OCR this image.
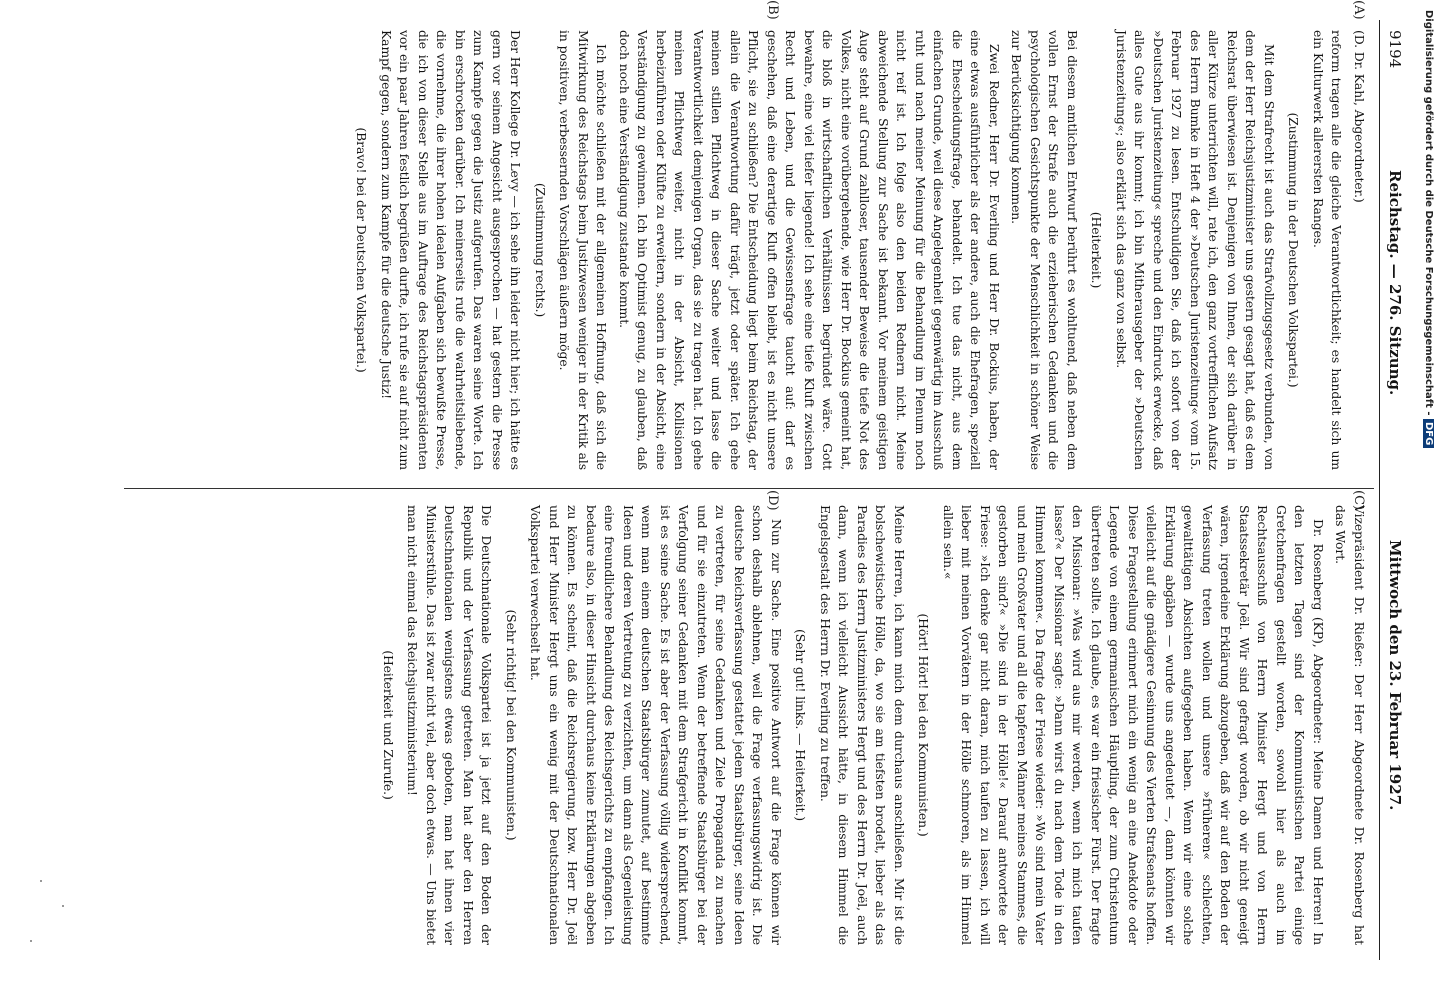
9194
Reichstag. — 276. Sitzung.
Mittwoch den 23. Februar 1927.

(D. Dr. Kahl, Abgeordneter.)

reform tragen alle die gleiche Verantwortlichkeit; es handelt sich um ein Kulturwerk allerersten Ranges.

(Zustimmung in der Deutschen Volkspartei.)

Mit dem Strafrecht ist auch das Strafvollzugsgesetz verbunden, von dem der Herr Reichsjustizminister uns gestern gesagt hat, daß es dem Reichsrat überwiesen ist. Denjenigen von Ihnen, der sich darüber in aller Kürze unterrichten will, rate ich, den ganz vortrefflichen Aufsatz des Herrn Bumke in Heft 4 der »Deutschen Juristenzeitung« vom 15. Februar 1927 zu lesen. Entschuldigen Sie, daß ich sofort von der »Deutschen Juristenzeitung« spreche und den Eindruck erwecke, daß alles Gute aus ihr kommt; ich bin Mitherausgeber der »Deutschen Juristenzeitung«; also erklärt sich das ganz von selbst.

(Heiterkeit.)

Bei diesem amtlichen Entwurf berührt es wohltuend, daß neben dem vollen Ernst der Strafe auch die erzieherischen Gedanken und die psychologischen Gesichtspunkte der Menschlichkeit in schöner Weise zur Berücksichtigung kommen.

Zwei Redner, Herr Dr. Everling und Herr Dr. Bockius, haben, der eine etwas ausführlicher als der andere, auch die Ehefragen, speziell die Ehescheidungsfrage, behandelt. Ich tue das nicht, aus dem einfachen Grunde, weil diese Angelegenheit gegenwärtig im Ausschuß ruht und nach meiner Meinung für die Behandlung im Plenum noch nicht reif ist. Ich folge also den beiden Rednern nicht. Meine abweichende Stellung zur Sache ist bekannt. Vor meinem geistigen Auge steht auf Grund zahlloser, tausender Beweise die tiefe Not des Volkes, nicht eine vorübergehende, wie Herr Dr. Bockius gemeint hat, die bloß in wirtschaftlichen Verhältnissen begründet wäre. Gott bewahre, eine viel tiefer liegende! Ich sehe eine tiefe Kluft zwischen Recht und Leben, und die Gewissensfrage taucht auf: darf es geschehen, daß eine derartige Kluft offen bleibt, ist es nicht unsere Pflicht, sie zu schließen? Die Entscheidung liegt beim Reichstag, der allein die Verantwortung dafür trägt, jetzt oder später. Ich gehe meinen stillen Pflichtweg in dieser Sache weiter und lasse die Verantwortlichkeit demjenigen Organ, das sie zu tragen hat. Ich gehe meinen Pflichtweg weiter, nicht in der Absicht, Kollisionen herbeizuführen oder Klüfte zu erweitern, sondern in der Absicht, eine Verständigung zu gewinnen. Ich bin Optimist genug, zu glauben, daß doch noch eine Verständigung zustande kommt.

Ich möchte schließen mit der allgemeinen Hoffnung, daß sich die Mitwirkung des Reichstags beim Justizwesen weniger in der Kritik als in positiven, verbessernden Vorschlägen äußern möge.

(Zustimmung rechts.)

Der Herr Kollege Dr. Levy — ich sehe ihn leider nicht hier; ich hätte es gern vor seinem Angesicht ausgesprochen — hat gestern die Presse zum Kampfe gegen die Justiz aufgerufen. Das waren seine Worte. Ich bin erschrocken darüber. Ich meinerseits rufe die wahrheitsliebende, die vornehme, die ihrer hohen idealen Aufgaben sich bewußte Presse, die ich von dieser Stelle aus im Auftrage des Reichstagspräsidenten vor ein paar Jahren festlich begrüßen durfte, ich rufe sie auf nicht zum Kampf gegen, sondern zum Kampfe für die deutsche Justiz!

(Bravo! bei der Deutschen Volkspartei.)

Vizepräsident Dr. Rießer: Der Herr Abgeordnete Dr. Rosenberg hat das Wort.

Dr. Rosenberg (KP), Abgeordneter: Meine Damen und Herren! In den letzten Tagen sind der Kommunistischen Partei einige Gretchenfragen gestellt worden, sowohl hier als auch im Rechtsausschuß von Herrn Minister Hergt und von Herrn Staatssekretär Joël. Wir sind gefragt worden, ob wir nicht geneigt wären, irgendeine Erklärung abzugeben, daß wir auf den Boden der Verfassung treten wollen und unsere »früheren« schlechten, gewalttätigen Absichten aufgegeben haben. Wenn wir eine solche Erklärung abgäben — wurde uns angedeutet —, dann könnten wir vielleicht auf die gnädigere Gesinnung des Vierten Strafsenats hoffen. Diese Fragestellung erinnert mich ein wenig an eine Anekdote oder Legende von einem germanischen Häuptling, der zum Christentum übertreten sollte. Ich glaube, es war ein friesischer Fürst. Der fragte den Missionar: »Was wird aus mir werden, wenn ich mich taufen lasse?« Der Missionar sagte: »Dann wirst du nach dem Tode in den Himmel kommen«. Da fragte der Friese wieder: »Wo sind mein Vater und mein Großvater und all die tapferen Männer meines Stammes, die gestorben sind?« »Die sind in der Hölle!« Darauf antwortete der Friese: »Ich denke gar nicht daran, mich taufen zu lassen, ich will lieber mit meinen Vorvätern in der Hölle schmoren, als im Himmel allein sein.«

(Hört! Hört! bei den Kommunisten.)

Meine Herren, ich kann mich dem durchaus anschließen. Mir ist die bolschewistische Hölle, da, wo sie am tiefsten brodelt, lieber als das Paradies des Herrn Justizministers Hergt und des Herrn Dr. Joël, auch dann, wenn ich vielleicht Aussicht hätte, in diesem Himmel die Engelsgestalt des Herrn Dr. Everling zu treffen.

(Sehr gut! links. — Heiterkeit.)

Nun zur Sache. Eine positive Antwort auf die Frage können wir schon deshalb ablehnen, weil die Frage verfassungswidrig ist. Die deutsche Reichsverfassung gestattet jedem Staatsbürger, seine Ideen zu vertreten, für seine Gedanken und Ziele Propaganda zu machen und für sie einzutreten. Wenn der betreffende Staatsbürger bei der Verfolgung seiner Gedanken mit dem Strafgericht in Konflikt kommt, ist es seine Sache. Es ist aber der Verfassung völlig widersprechend, wenn man einem deutschen Staatsbürger zumutet, auf bestimmte Ideen und deren Vertretung zu verzichten, um dann als Gegenleistung eine freundlichere Behandlung des Reichsgerichts zu empfangen. Ich bedaure also, in dieser Hinsicht durchaus keine Erklärungen abgeben zu können. Es scheint, daß die Reichsregierung, bzw. Herr Dr. Joël und Herr Minister Hergt uns ein wenig mit der Deutschnationalen Volkspartei verwechselt hat.

(Sehr richtig! bei den Kommunisten.)

Die Deutschnationale Volkspartei ist ja jetzt auf den Boden der Republik und der Verfassung getreten. Man hat aber den Herren Deutschnationalen wenigstens etwas geboten, man hat ihnen vier Ministerstühle. Das ist zwar nicht viel, aber doch etwas. — Uns bietet man nicht einmal das Reichsjustizministerium!

(Heiterkeit und Zurufe.)

(A)
(B)
(C)
(D)
Digitalisierung gefördert durch die Deutsche Forschungsgemeinschaft - DFG
